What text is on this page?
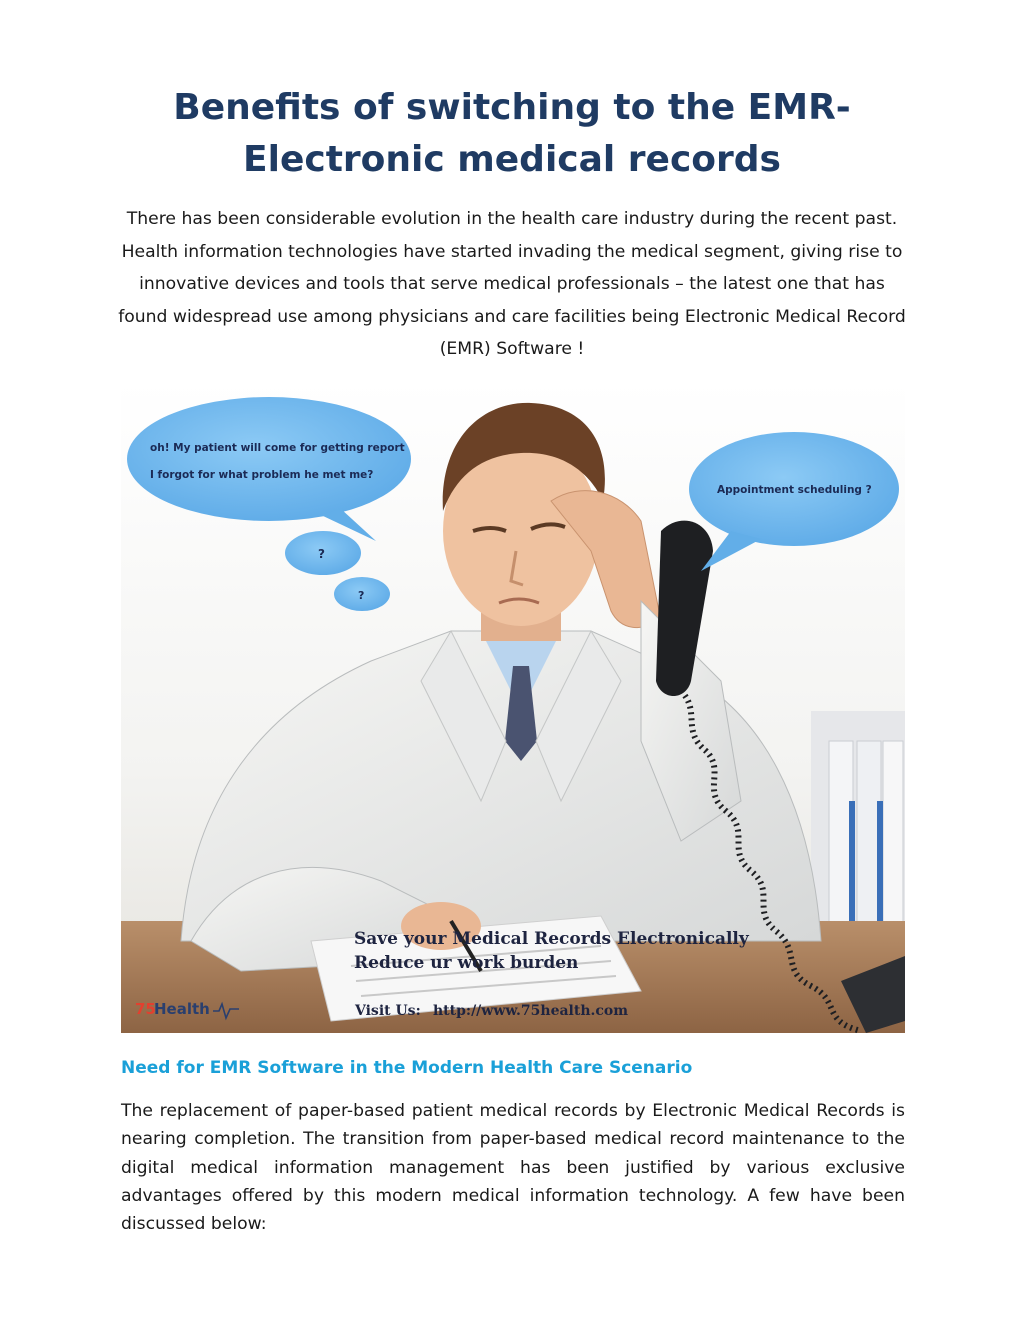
Benefits of switching to the EMR-
Electronic medical records

There has been considerable evolution in the health care industry during the recent past. Health information technologies have started invading the medical segment, giving rise to innovative devices and tools that serve medical professionals – the latest one that has found widespread use among physicians and care facilities being Electronic Medical Record (EMR) Software !

oh! My patient will come for getting report
I forgot for what problem he met me?
?
?
Appointment scheduling ?
Save your Medical Records Electronically
Reduce ur work burden
Visit Us: http://www.75health.com
75
Health
Need for EMR Software in the Modern Health Care Scenario

The replacement of paper-based patient medical records by Electronic Medical Records is nearing completion. The transition from paper-based medical record maintenance to the digital medical information management has been justified by various exclusive advantages offered by this modern medical information technology. A few have been discussed below:
